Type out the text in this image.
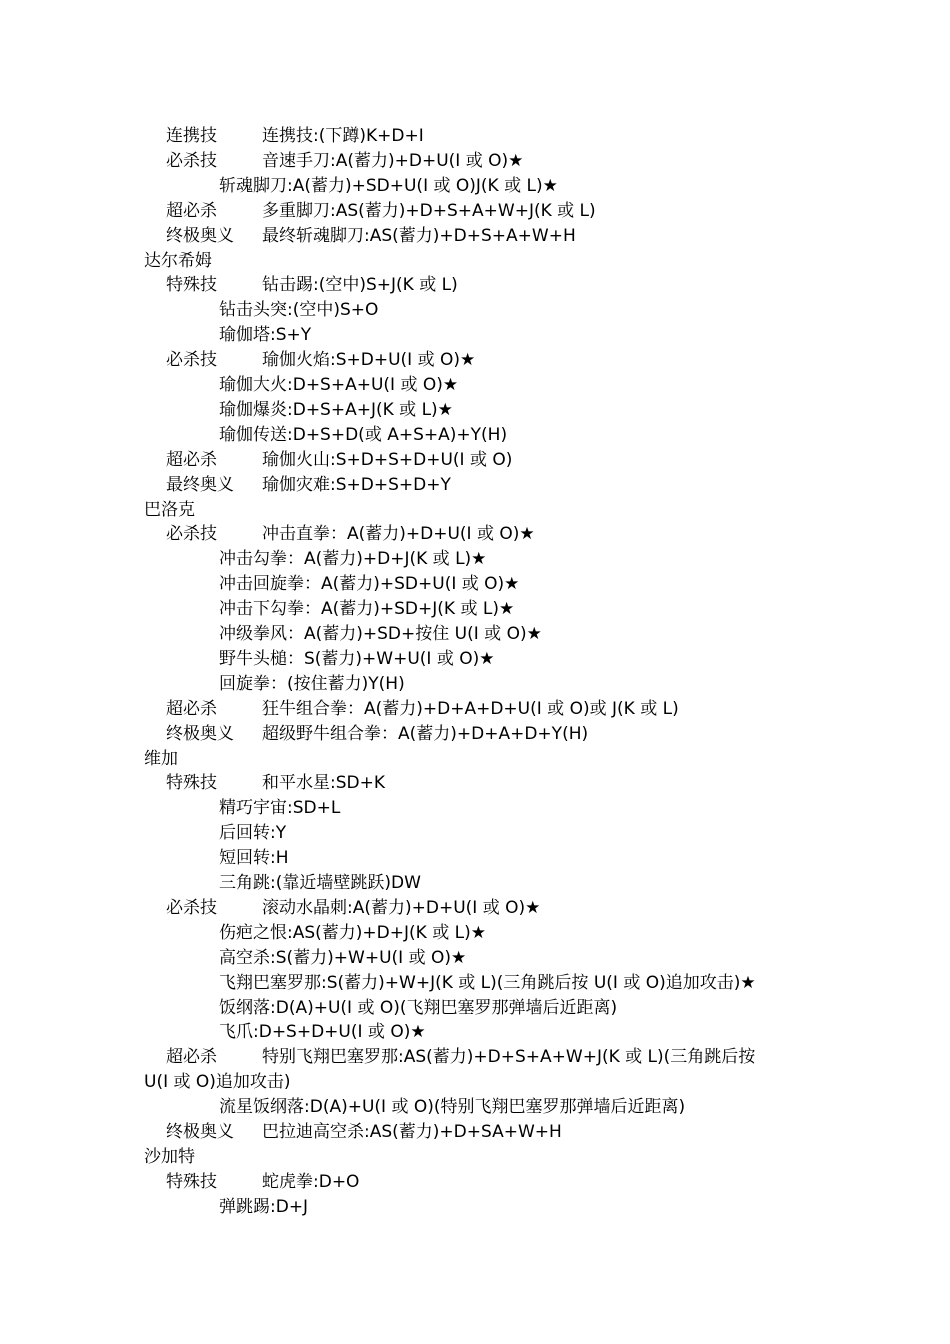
连携技	连携技:(下蹲)K+D+I
必杀技	音速手刀:A(蓄力)+D+U(I 或 O)★
斩魂脚刀:A(蓄力)+SD+U(I 或 O)J(K 或 L)★
超必杀	多重脚刀:AS(蓄力)+D+S+A+W+J(K 或 L)
终极奥义 最终斩魂脚刀:AS(蓄力)+D+S+A+W+H
达尔希姆
特殊技	钻击踢:(空中)S+J(K 或 L)
钻击头突:(空中)S+O
瑜伽塔:S+Y
必杀技	瑜伽火焰:S+D+U(I 或 O)★
瑜伽大火:D+S+A+U(I 或 O)★
瑜伽爆炎:D+S+A+J(K 或 L)★
瑜伽传送:D+S+D(或 A+S+A)+Y(H)
超必杀	瑜伽火山:S+D+S+D+U(I 或 O)
最终奥义 瑜伽灾难:S+D+S+D+Y
巴洛克
必杀技	冲击直拳：A(蓄力)+D+U(I 或 O)★
冲击勾拳：A(蓄力)+D+J(K 或 L)★
冲击回旋拳：A(蓄力)+SD+U(I 或 O)★
冲击下勾拳：A(蓄力)+SD+J(K 或 L)★
冲级拳风：A(蓄力)+SD+按住 U(I 或 O)★
野牛头槌：S(蓄力)+W+U(I 或 O)★
回旋拳：(按住蓄力)Y(H)
超必杀	狂牛组合拳：A(蓄力)+D+A+D+U(I 或 O)或 J(K 或 L)
终极奥义 超级野牛组合拳：A(蓄力)+D+A+D+Y(H)
维加
特殊技	和平水星:SD+K
精巧宇宙:SD+L
后回转:Y
短回转:H
三角跳:(靠近墙壁跳跃)DW
必杀技	滚动水晶刺:A(蓄力)+D+U(I 或 O)★
伤疤之恨:AS(蓄力)+D+J(K 或 L)★
高空杀:S(蓄力)+W+U(I 或 O)★
飞翔巴塞罗那:S(蓄力)+W+J(K 或 L)(三角跳后按 U(I 或 O)追加攻击)★
饭纲落:D(A)+U(I 或 O)(飞翔巴塞罗那弹墙后近距离)
飞爪:D+S+D+U(I 或 O)★
超必杀	特别飞翔巴塞罗那:AS(蓄力)+D+S+A+W+J(K 或 L)(三角跳后按
U(I 或 O)追加攻击)
流星饭纲落:D(A)+U(I 或 O)(特别飞翔巴塞罗那弹墙后近距离)
终极奥义 巴拉迪高空杀:AS(蓄力)+D+SA+W+H
沙加特
特殊技	蛇虎拳:D+O
弹跳踢:D+J
